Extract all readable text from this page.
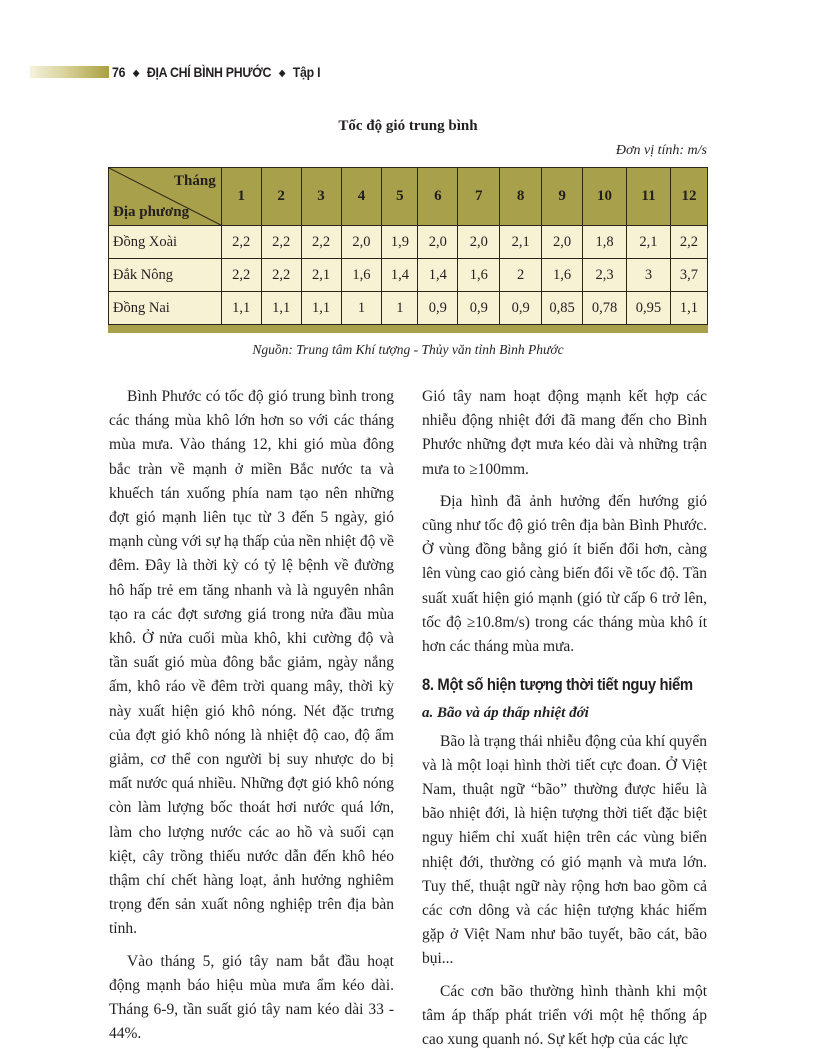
76 ◆ ĐỊA CHÍ BÌNH PHƯỚC ◆ Tập I
Tốc độ gió trung bình
Đơn vị tính: m/s
Tháng
Địa phương	1	2	3	4	5	6	7	8	9	10	11	12
Đồng Xoài	2,2	2,2	2,2	2,0	1,9	2,0	2,0	2,1	2,0	1,8	2,1	2,2
Đắk Nông	2,2	2,2	2,1	1,6	1,4	1,4	1,6	2	1,6	2,3	3	3,7
Đồng Nai	1,1	1,1	1,1	1	1	0,9	0,9	0,9	0,85	0,78	0,95	1,1
Nguồn: Trung tâm Khí tượng - Thủy văn tỉnh Bình Phước

Bình Phước có tốc độ gió trung bình trong các tháng mùa khô lớn hơn so với các tháng mùa mưa. Vào tháng 12, khi gió mùa đông bắc tràn về mạnh ở miền Bắc nước ta và khuếch tán xuống phía nam tạo nên những đợt gió mạnh liên tục từ 3 đến 5 ngày, gió mạnh cùng với sự hạ thấp của nền nhiệt độ về đêm. Đây là thời kỳ có tỷ lệ bệnh về đường hô hấp trẻ em tăng nhanh và là nguyên nhân tạo ra các đợt sương giá trong nửa đầu mùa khô. Ở nửa cuối mùa khô, khi cường độ và tần suất gió mùa đông bắc giảm, ngày nắng ấm, khô ráo về đêm trời quang mây, thời kỳ này xuất hiện gió khô nóng. Nét đặc trưng của đợt gió khô nóng là nhiệt độ cao, độ ẩm giảm, cơ thể con người bị suy nhược do bị mất nước quá nhiều. Những đợt gió khô nóng còn làm lượng bốc thoát hơi nước quá lớn, làm cho lượng nước các ao hồ và suối cạn kiệt, cây trồng thiếu nước dẫn đến khô héo thậm chí chết hàng loạt, ảnh hưởng nghiêm trọng đến sản xuất nông nghiệp trên địa bàn tỉnh.

Vào tháng 5, gió tây nam bắt đầu hoạt động mạnh báo hiệu mùa mưa ẩm kéo dài. Tháng 6-9, tần suất gió tây nam kéo dài 33 - 44%.

Gió tây nam hoạt động mạnh kết hợp các nhiễu động nhiệt đới đã mang đến cho Bình Phước những đợt mưa kéo dài và những trận mưa to ≥100mm.

Địa hình đã ảnh hưởng đến hướng gió cũng như tốc độ gió trên địa bàn Bình Phước. Ở vùng đồng bằng gió ít biến đổi hơn, càng lên vùng cao gió càng biến đổi về tốc độ. Tần suất xuất hiện gió mạnh (gió từ cấp 6 trở lên, tốc độ ≥10.8m/s) trong các tháng mùa khô ít hơn các tháng mùa mưa.

8. Một số hiện tượng thời tiết nguy hiểm
a. Bão và áp thấp nhiệt đới

Bão là trạng thái nhiễu động của khí quyển và là một loại hình thời tiết cực đoan. Ở Việt Nam, thuật ngữ “bão” thường được hiểu là bão nhiệt đới, là hiện tượng thời tiết đặc biệt nguy hiểm chỉ xuất hiện trên các vùng biển nhiệt đới, thường có gió mạnh và mưa lớn. Tuy thế, thuật ngữ này rộng hơn bao gồm cả các cơn dông và các hiện tượng khác hiếm gặp ở Việt Nam như bão tuyết, bão cát, bão bụi...

Các cơn bão thường hình thành khi một tâm áp thấp phát triển với một hệ thống áp cao xung quanh nó. Sự kết hợp của các lực
